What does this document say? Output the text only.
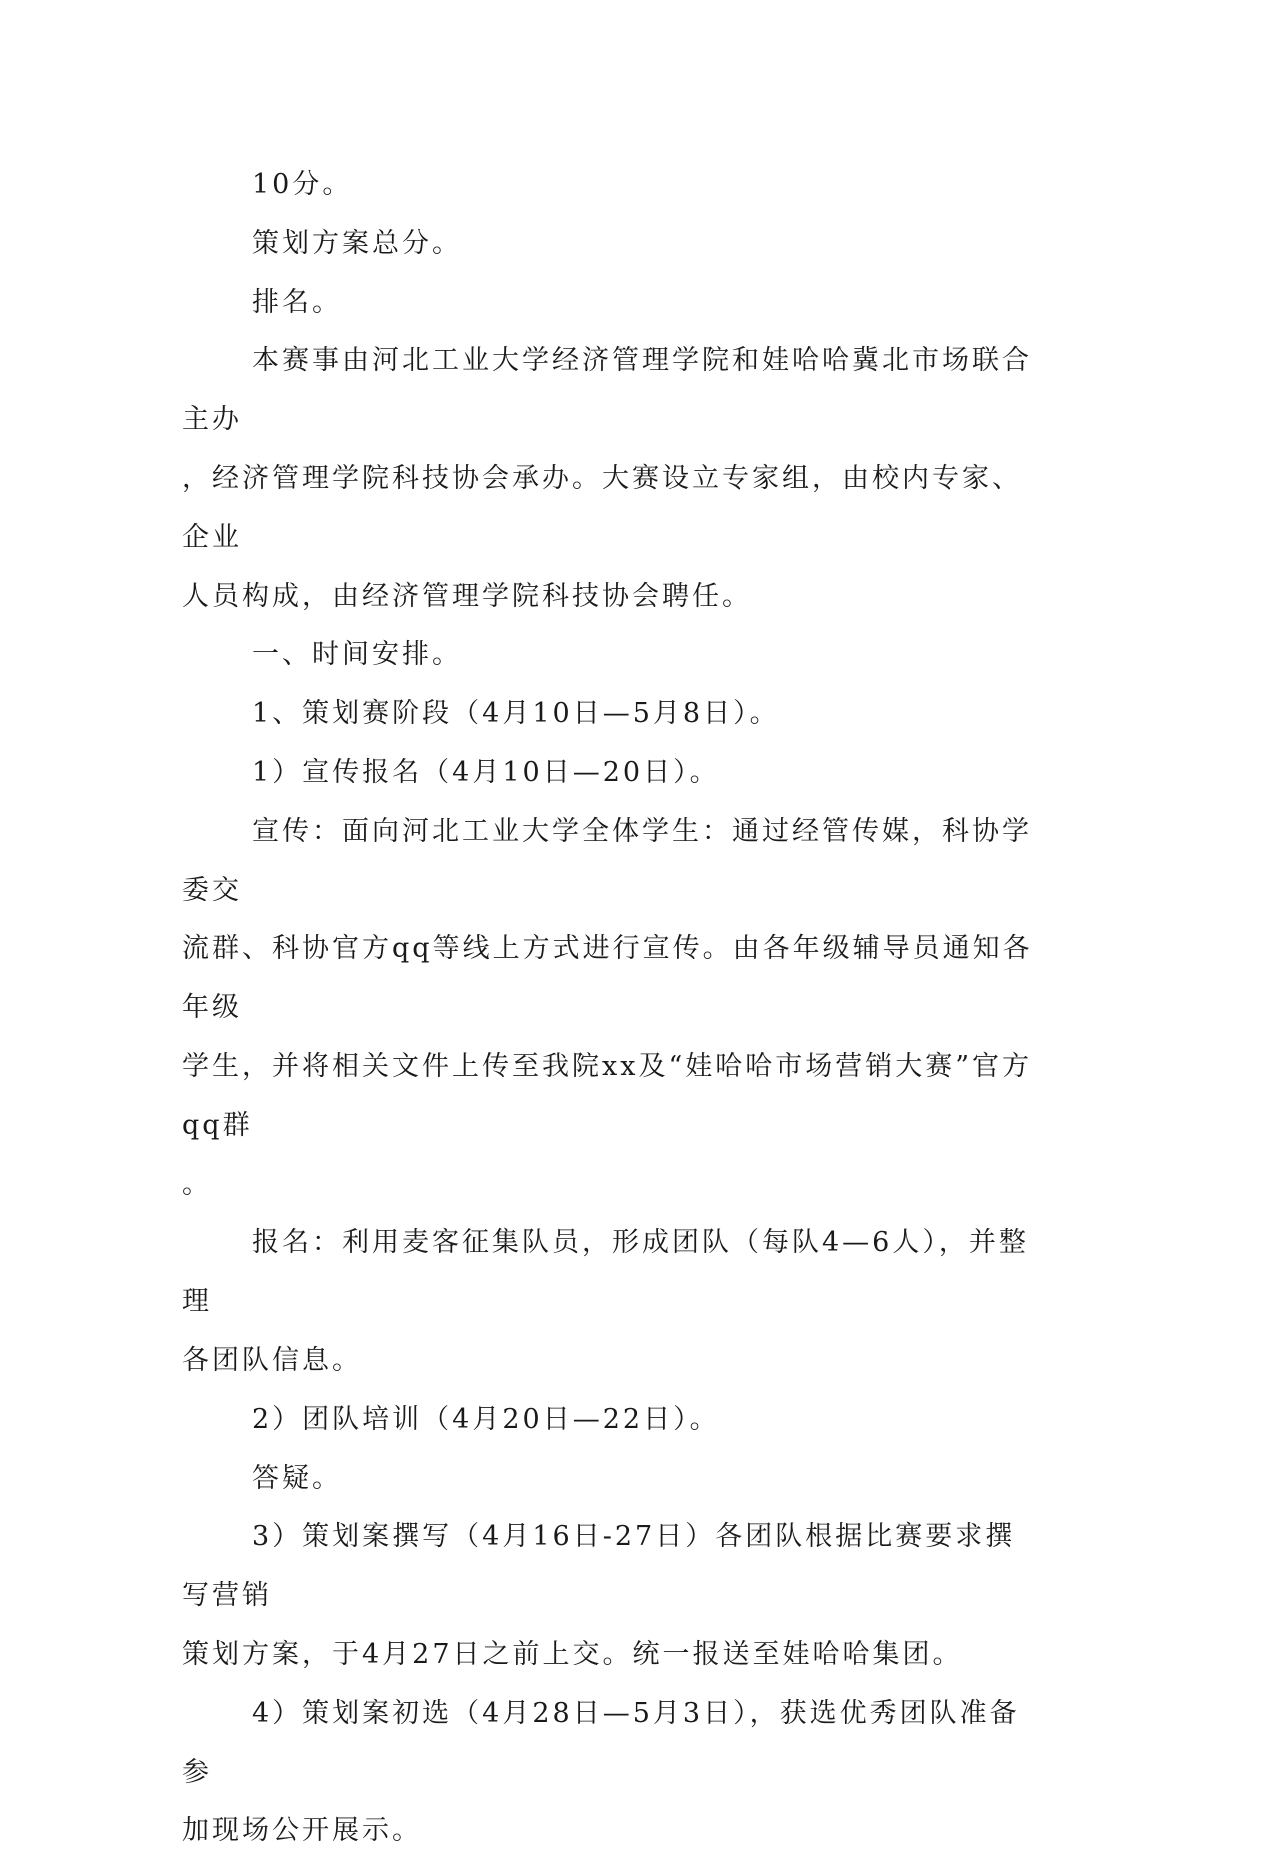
10分。

策划方案总分。

排名。

本赛事由河北工业大学经济管理学院和娃哈哈冀北市场联合主办
，经济管理学院科技协会承办。大赛设立专家组，由校内专家、企业
人员构成，由经济管理学院科技协会聘任。

一、时间安排。

1、策划赛阶段（4月10日—5月8日）。

1）宣传报名（4月10日—20日）。

宣传：面向河北工业大学全体学生：通过经管传媒，科协学委交
流群、科协官方qq等线上方式进行宣传。由各年级辅导员通知各年级
学生，并将相关文件上传至我院xx及“娃哈哈市场营销大赛”官方qq群
。

报名：利用麦客征集队员，形成团队（每队4—6人），并整理
各团队信息。

2）团队培训（4月20日—22日）。

答疑。

3）策划案撰写（4月16日-27日）各团队根据比赛要求撰写营销
策划方案，于4月27日之前上交。统一报送至娃哈哈集团。

4）策划案初选（4月28日—5月3日），获选优秀团队准备参
加现场公开展示。
